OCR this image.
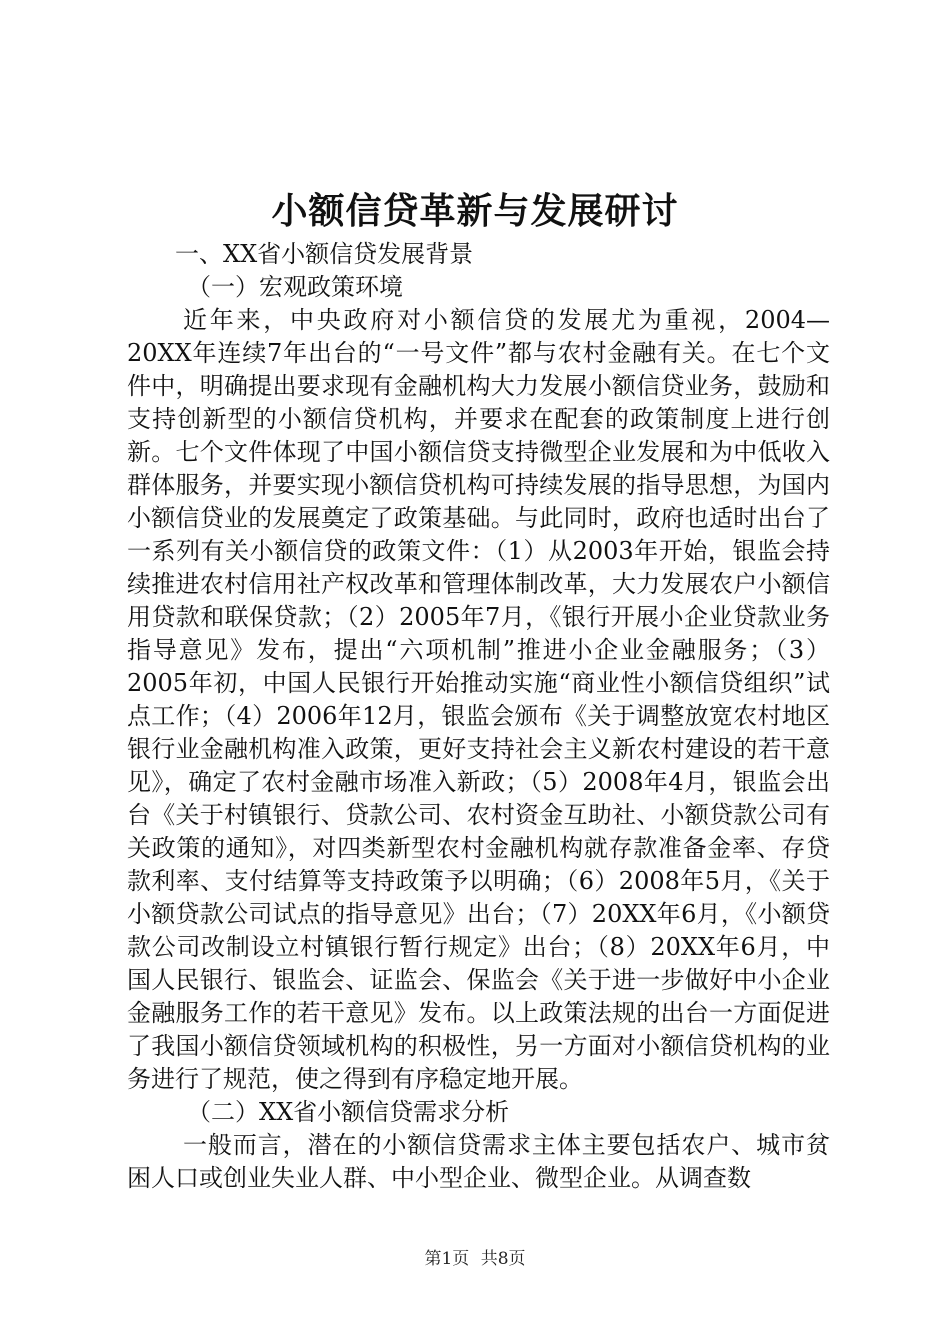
小额信贷革新与发展研讨
一、XX省小额信贷发展背景
（一）宏观政策环境
近年来，中央政府对小额信贷的发展尤为重视，2004—20XX年连续7年出台的“一号文件”都与农村金融有关。在七个文件中，明确提出要求现有金融机构大力发展小额信贷业务，鼓励和支持创新型的小额信贷机构，并要求在配套的政策制度上进行创新。七个文件体现了中国小额信贷支持微型企业发展和为中低收入群体服务，并要实现小额信贷机构可持续发展的指导思想，为国内小额信贷业的发展奠定了政策基础。与此同时，政府也适时出台了一系列有关小额信贷的政策文件：（1）从2003年开始，银监会持续推进农村信用社产权改革和管理体制改革，大力发展农户小额信用贷款和联保贷款；（2）2005年7月，《银行开展小企业贷款业务指导意见》发布，提出“六项机制”推进小企业金融服务；（3）2005年初，中国人民银行开始推动实施“商业性小额信贷组织”试点工作；（4）2006年12月，银监会颁布《关于调整放宽农村地区银行业金融机构准入政策，更好支持社会主义新农村建设的若干意见》，确定了农村金融市场准入新政；（5）2008年4月，银监会出台《关于村镇银行、贷款公司、农村资金互助社、小额贷款公司有关政策的通知》，对四类新型农村金融机构就存款准备金率、存贷款利率、支付结算等支持政策予以明确；（6）2008年5月，《关于小额贷款公司试点的指导意见》出台；（7）20XX年6月，《小额贷款公司改制设立村镇银行暂行规定》出台；（8）20XX年6月，中国人民银行、银监会、证监会、保监会《关于进一步做好中小企业金融服务工作的若干意见》发布。以上政策法规的出台一方面促进了我国小额信贷领域机构的积极性，另一方面对小额信贷机构的业务进行了规范，使之得到有序稳定地开展。
（二）XX省小额信贷需求分析
一般而言，潜在的小额信贷需求主体主要包括农户、城市贫困人口或创业失业人群、中小型企业、微型企业。从调查数
第1页 共8页
